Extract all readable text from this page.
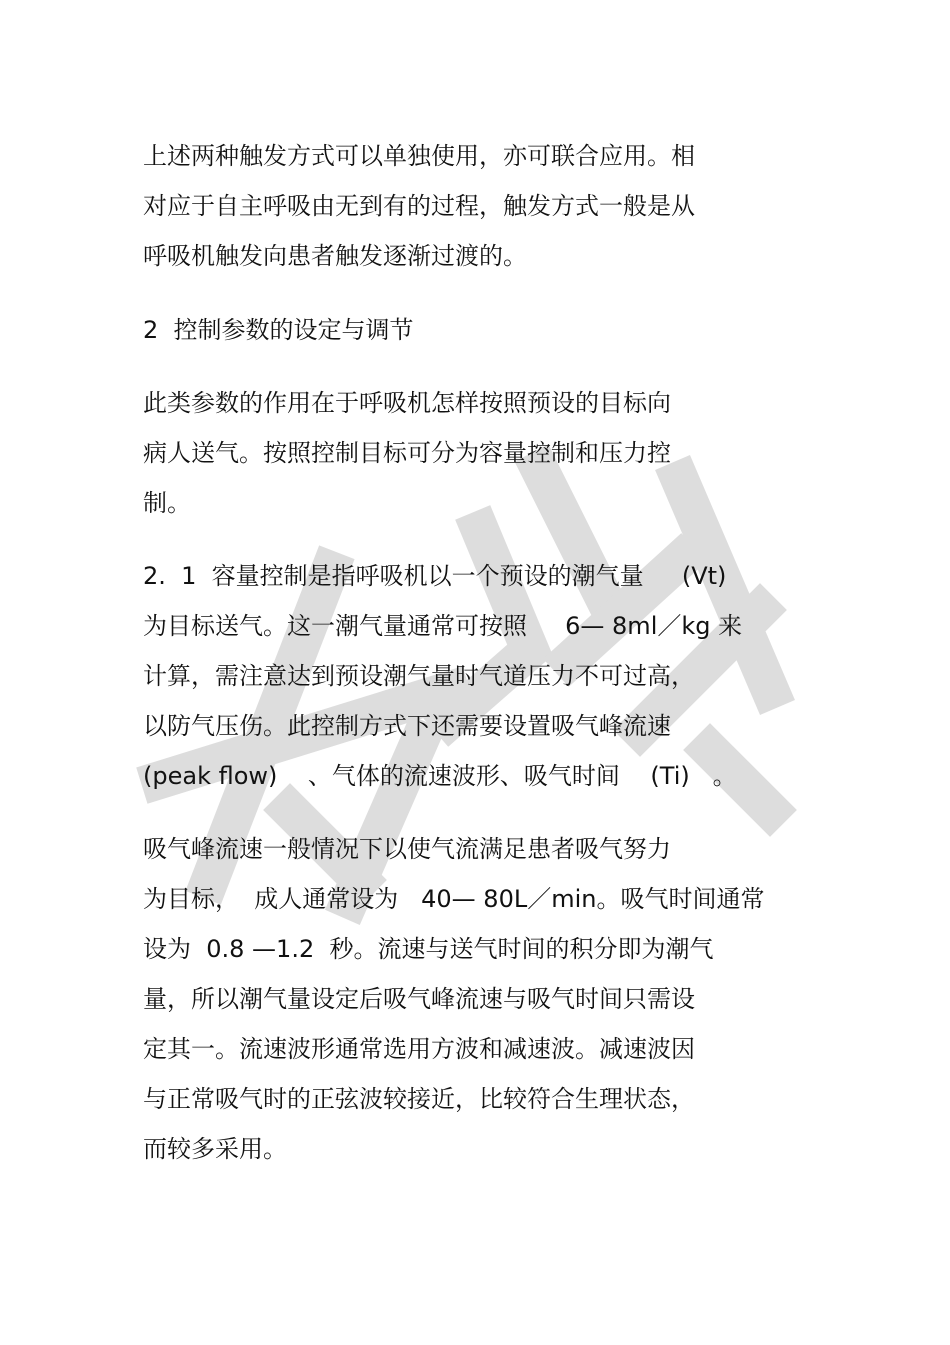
上述两种触发方式可以单独使用，亦可联合应用。相
对应于自主呼吸由无到有的过程，触发方式一般是从
呼吸机触发向患者触发逐渐过渡的。
2  控制参数的设定与调节
此类参数的作用在于呼吸机怎样按照预设的目标向
病人送气。按照控制目标可分为容量控制和压力控
制。
2.  1  容量控制是指呼吸机以一个预设的潮气量     (Vt)
为目标送气。这一潮气量通常可按照     6— 8ml／kg 来
计算，需注意达到预设潮气量时气道压力不可过高，
以防气压伤。此控制方式下还需要设置吸气峰流速
(peak flow)    、气体的流速波形、吸气时间    (Ti)   。
吸气峰流速一般情况下以使气流满足患者吸气努力
为目标，  成人通常设为   40— 80L／min。吸气时间通常
设为  0.8 —1.2  秒。流速与送气时间的积分即为潮气
量，所以潮气量设定后吸气峰流速与吸气时间只需设
定其一。流速波形通常选用方波和减速波。减速波因
与正常吸气时的正弦波较接近，比较符合生理状态，
而较多采用。
